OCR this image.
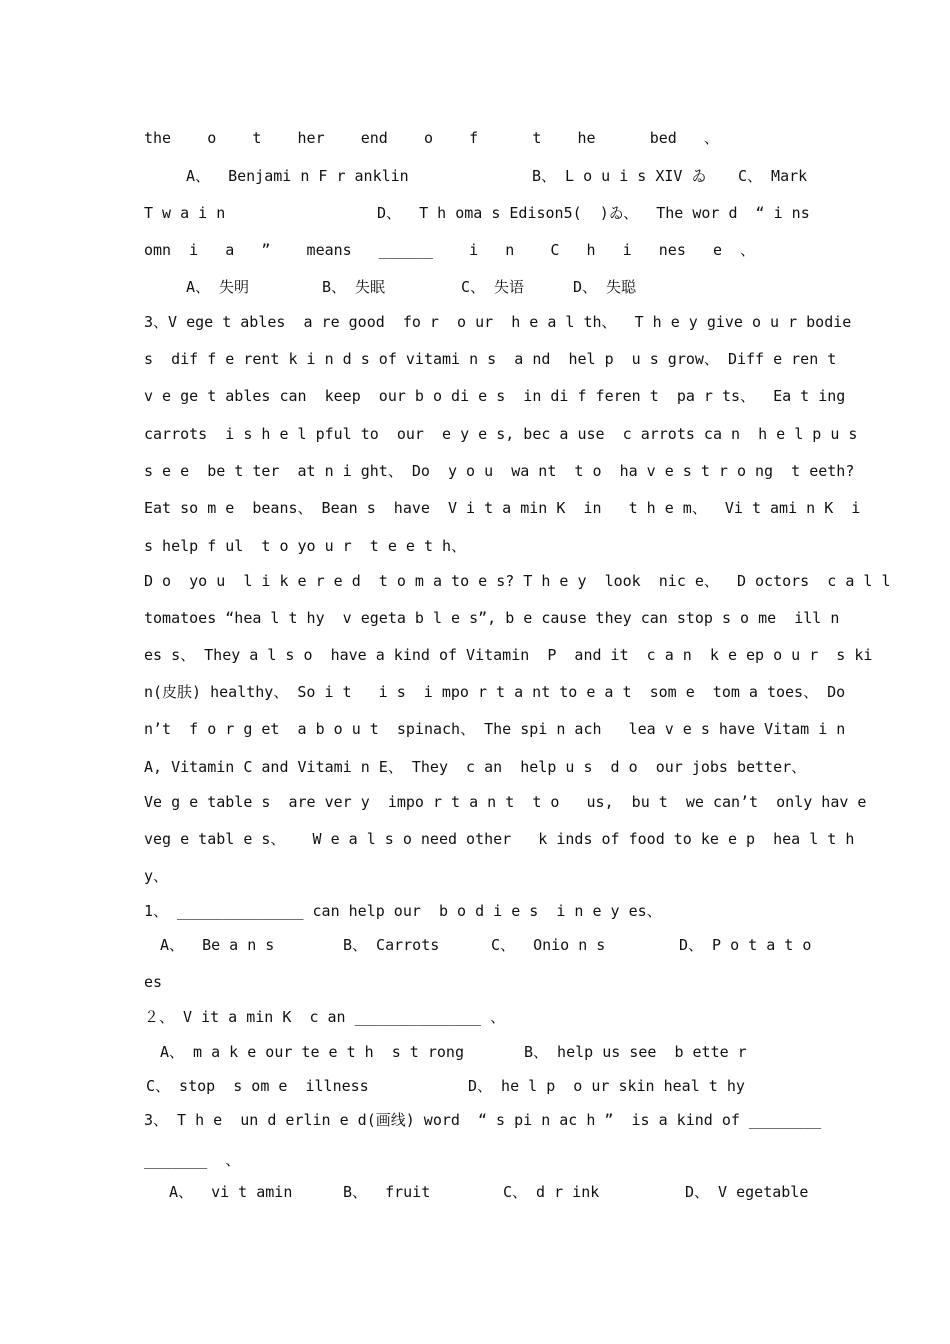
the    o    t    her    end    o    f      t    he      bed   、
A、  Benjami n F r anklin	B、 L o u i s XIV ゐ C、 Mark
T w a i n	D、  T h oma s Edison5(  )ゐ、  The wor d  “ i ns
omn  i   a   ”    means   ______    i   n    C   h   i   nes   e  、
A、 失明	B、 失眠	C、 失语	D、 失聪
3、V ege t ables  a re good  fo r  o ur  h e a l th、  T h e y give o u r bodie
s  dif f e rent k i n d s of vitami n s  a nd  hel p  u s grow、 Diff e ren t
v e ge t ables can  keep  our b o di e s  in di f feren t  pa r ts、  Ea t ing
carrots  i s h e l pful to  our  e y e s, bec a use  c arrots ca n  h e l p u s
s e e  be t ter  at n i ght、 Do  y o u  wa nt  t o  ha v e s t r o ng  t eeth?
Eat so m e  beans、 Bean s  have  V i t a min K  in   t h e m、  Vi t ami n K  i
s help f ul  t o yo u r  t e e t h、
D o  yo u  l i k e r e d  t o m a to e s? T h e y  look  nic e、  D octors  c a l l
tomatoes “hea l t hy  v egeta b l e s”, b e cause they can stop s o me  ill n
es s、 They a l s o  have a kind of Vitamin  P  and it  c a n  k e ep o u r  s ki
n(皮肤) healthy、 So i t   i s  i mpo r t a nt to e a t  som e  tom a toes、 Do
n’t  f o r g et  a b o u t  spinach、 The spi n ach   lea v e s have Vitam i n
A, Vitamin C and Vitami n E、 They  c an  help u s  d o  our jobs better、
Ve g e table s  are ver y  impo r t a n t  t o   us,  bu t  we can’t  only hav e
veg e tabl e s、   W e a l s o need other   k inds of food to ke e p  hea l t h
y、
1、 ______________ can help our  b o d i e s  i n e y es、
A、  Be a n s	B、 Carrots	C、  Onio n s	D、 P o t a t o
es
２、 V it a min K  c an ______________ 、
A、 m a k e our te e t h  s t rong	B、 help us see  b ette r
C、 stop  s om e  illness	D、 he l p  o ur skin heal t hy
3、 T h e  un d erlin e d(画线) word  “ s pi n ac h ”  is a kind of ________
_______  、
A、  vi t amin	B、  fruit	C、 d r ink	D、 V egetable
